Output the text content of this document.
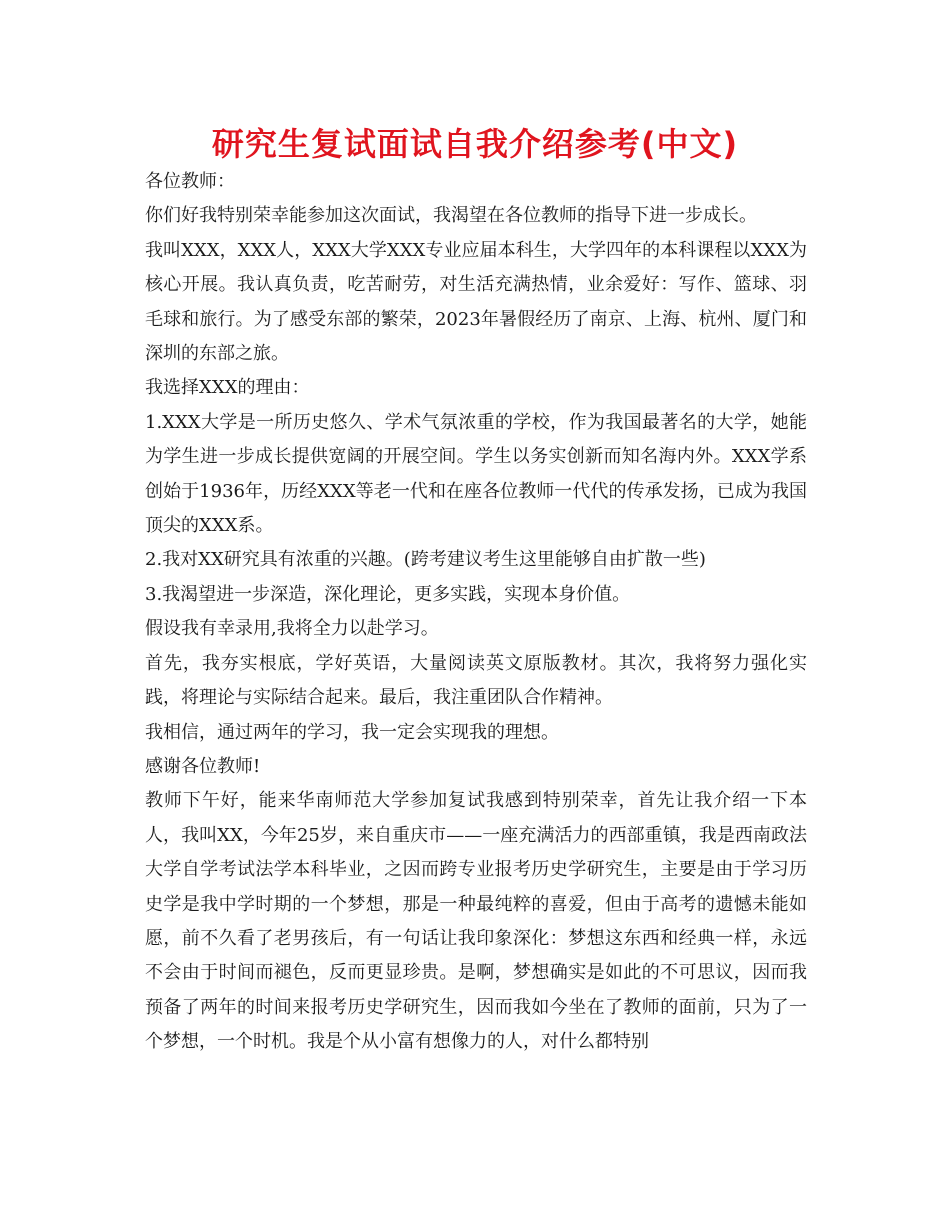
研究生复试面试自我介绍参考(中文)

各位教师：

你们好我特别荣幸能参加这次面试，我渴望在各位教师的指导下进一步成长。

我叫XXX，XXX人，XXX大学XXX专业应届本科生，大学四年的本科课程以XXX为核心开展。我认真负责，吃苦耐劳，对生活充满热情，业余爱好：写作、篮球、羽毛球和旅行。为了感受东部的繁荣，2023年暑假经历了南京、上海、杭州、厦门和深圳的东部之旅。

我选择XXX的理由：

1.XXX大学是一所历史悠久、学术气氛浓重的学校，作为我国最著名的大学，她能为学生进一步成长提供宽阔的开展空间。学生以务实创新而知名海内外。XXX学系创始于1936年，历经XXX等老一代和在座各位教师一代代的传承发扬，已成为我国顶尖的XXX系。

2.我对XX研究具有浓重的兴趣。(跨考建议考生这里能够自由扩散一些)

3.我渴望进一步深造，深化理论，更多实践，实现本身价值。

假设我有幸录用,我将全力以赴学习。

首先，我夯实根底，学好英语，大量阅读英文原版教材。其次，我将努力强化实践，将理论与实际结合起来。最后，我注重团队合作精神。

我相信，通过两年的学习，我一定会实现我的理想。

感谢各位教师!

教师下午好，能来华南师范大学参加复试我感到特别荣幸，首先让我介绍一下本人，我叫XX，今年25岁，来自重庆市——一座充满活力的西部重镇，我是西南政法大学自学考试法学本科毕业，之因而跨专业报考历史学研究生，主要是由于学习历史学是我中学时期的一个梦想，那是一种最纯粹的喜爱，但由于高考的遗憾未能如愿，前不久看了老男孩后，有一句话让我印象深化：梦想这东西和经典一样，永远不会由于时间而褪色，反而更显珍贵。是啊，梦想确实是如此的不可思议，因而我预备了两年的时间来报考历史学研究生，因而我如今坐在了教师的面前，只为了一个梦想，一个时机。我是个从小富有想像力的人，对什么都特别
